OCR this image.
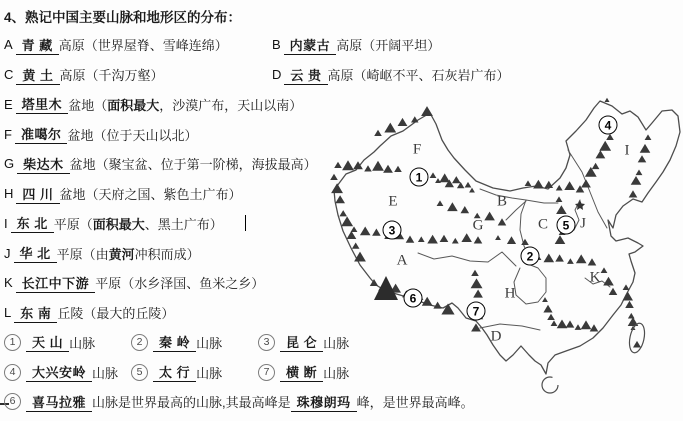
4、熟记中国主要山脉和地形区的分布：
A 青 藏 高原（世界屋脊、雪峰连绵）	B 内蒙古 高原（开阔平坦）
C 黄 土 高原（千沟万壑）	D 云 贵 高原（崎岖不平、石灰岩广布）
E 塔里木 盆地（ 面积最大 ，沙漠广布，天山以南）
F 准噶尔 盆地（位于天山以北）
G 柴达木 盆地（聚宝盆、位于第一阶梯，海拔最高）
H 四 川 盆地（天府之国、紫色土广布）
I 东 北 平原（ 面积最大 、黑土广布）
J 华 北 平原（由 黄河 冲积而成）
K 长江中下游 平原（水乡泽国、鱼米之乡）
L 东 南 丘陵（最大的丘陵）
1	天 山 山脉	2	秦 岭 山脉	3	昆 仑 山脉
4	大兴安岭 山脉	5	太 行 山脉	7	横 断 山脉
6	喜马拉雅 山脉是世界最高的山脉,其最高峰是 珠穆朗玛 峰，是世界最高峰。
F
E	B
G	C J
I
A
H
D
K
1
3
4
5
2
6
7
